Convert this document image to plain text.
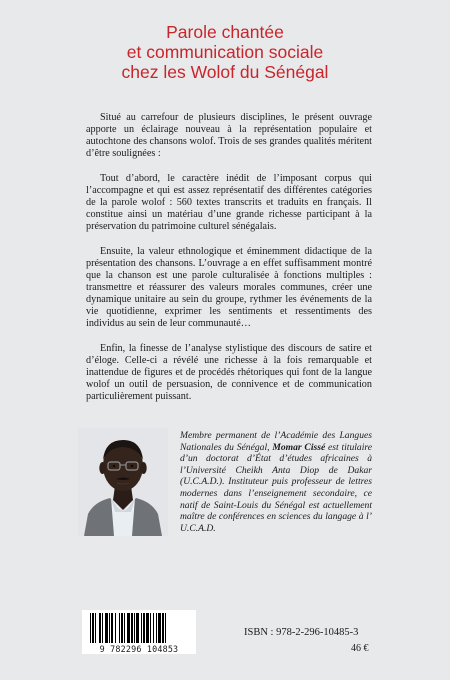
Parole chantée
et communication sociale
chez les Wolof du Sénégal

Situé au carrefour de plusieurs disciplines, le présent ouvrage apporte un éclairage nouveau à la représentation populaire et autochtone des chansons wolof. Trois de ses grandes qualités méritent d’être soulignées :

Tout d’abord, le caractère inédit de l’imposant corpus qui l’accompagne et qui est assez représentatif des différentes catégories de la parole wolof : 560 textes transcrits et traduits en français. Il constitue ainsi un matériau d’une grande richesse participant à la préservation du patrimoine culturel sénégalais.

Ensuite, la valeur ethnologique et éminemment didactique de la présentation des chansons. L’ouvrage a en effet suffisamment montré que la chanson est une parole culturalisée à fonctions multiples : transmettre et réassurer des valeurs morales communes, créer une dynamique unitaire au sein du groupe, rythmer les événements de la vie quotidienne, exprimer les sentiments et ressentiments des individus au sein de leur communauté…

Enfin, la finesse de l’analyse stylistique des discours de satire et d’éloge. Celle-ci a révélé une richesse à la fois remarquable et inattendue de figures et de procédés rhétoriques qui font de la langue wolof un outil de persuasion, de connivence et de communication particulièrement puissant.

Membre permanent de l’Académie des Langues Nationales du Sénégal, Momar Cissé est titulaire d’un doctorat d’État d’études africaines à l’Université Cheikh Anta Diop de Dakar (U.C.A.D.). Instituteur puis professeur de lettres modernes dans l’enseignement secondaire, ce natif de Saint-Louis du Sénégal est actuellement maître de conférences en sciences du langage à l’ U.C.A.D.
9 782296 104853
ISBN : 978-2-296-10485-3
46 €
